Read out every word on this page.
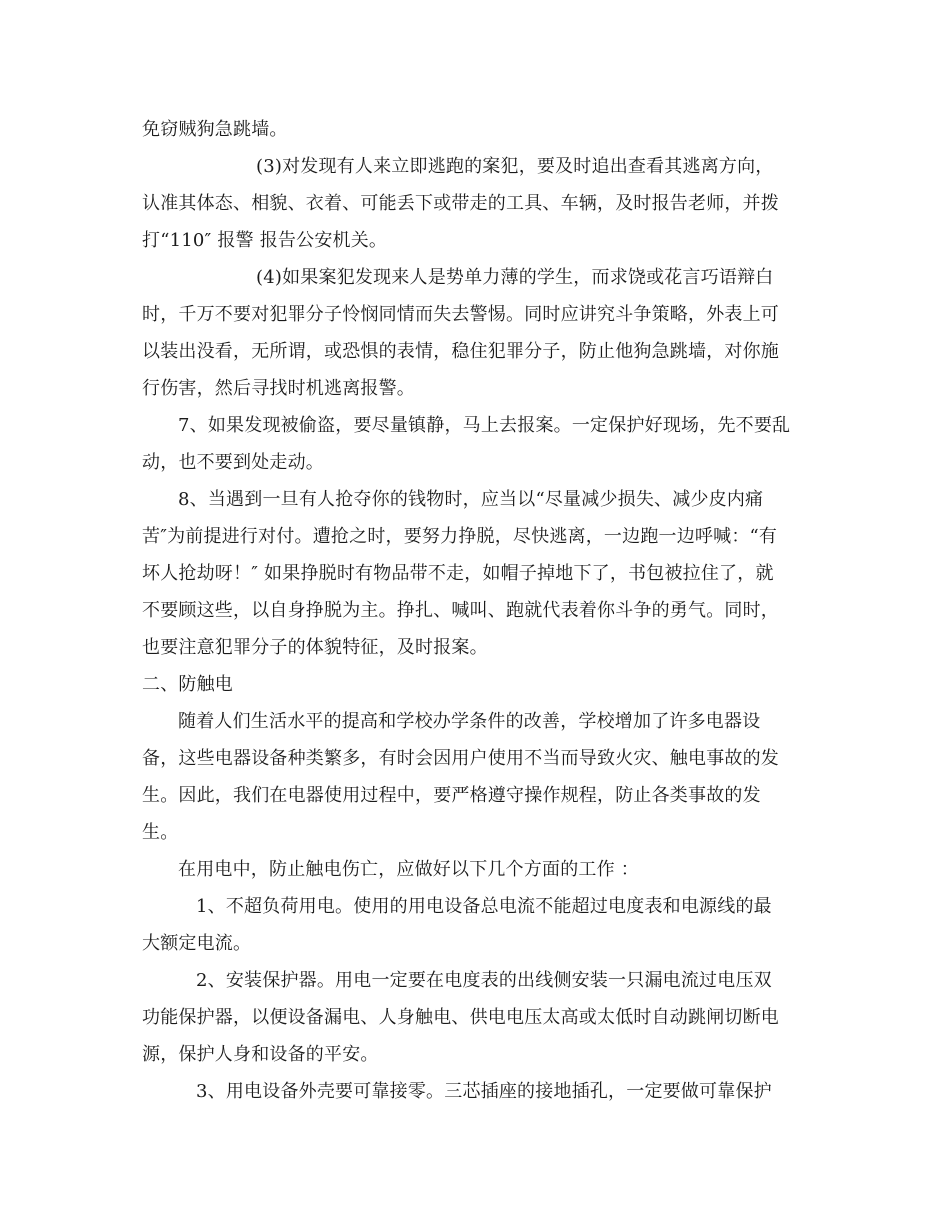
免窃贼狗急跳墙。
(3)对发现有人来立即逃跑的案犯，要及时追出查看其逃离方向，
认准其体态、相貌、衣着、可能丢下或带走的工具、车辆，及时报告老师，并拨
打“110″ 报警 报告公安机关。
(4)如果案犯发现来人是势单力薄的学生，而求饶或花言巧语辩白
时，千万不要对犯罪分子怜悯同情而失去警惕。同时应讲究斗争策略，外表上可
以装出没看，无所谓，或恐惧的表情，稳住犯罪分子，防止他狗急跳墙，对你施
行伤害，然后寻找时机逃离报警。
7、如果发现被偷盗，要尽量镇静，马上去报案。一定保护好现场，先不要乱
动，也不要到处走动。
8、当遇到一旦有人抢夺你的钱物时，应当以“尽量减少损失、减少皮内痛
苦″为前提进行对付。遭抢之时，要努力挣脱，尽快逃离，一边跑一边呼喊：“有
坏人抢劫呀！″ 如果挣脱时有物品带不走，如帽子掉地下了，书包被拉住了，就
不要顾这些，以自身挣脱为主。挣扎、喊叫、跑就代表着你斗争的勇气。同时，
也要注意犯罪分子的体貌特征，及时报案。
二、防触电
随着人们生活水平的提高和学校办学条件的改善，学校增加了许多电器设
备，这些电器设备种类繁多，有时会因用户使用不当而导致火灾、触电事故的发
生。因此，我们在电器使用过程中，要严格遵守操作规程，防止各类事故的发
生。
在用电中，防止触电伤亡，应做好以下几个方面的工作 ：
1、不超负荷用电。使用的用电设备总电流不能超过电度表和电源线的最
大额定电流。
2、安装保护器。用电一定要在电度表的出线侧安装一只漏电流过电压双
功能保护器，以便设备漏电、人身触电、供电电压太高或太低时自动跳闸切断电
源，保护人身和设备的平安。
3、用电设备外壳要可靠接零。三芯插座的接地插孔，一定要做可靠保护
